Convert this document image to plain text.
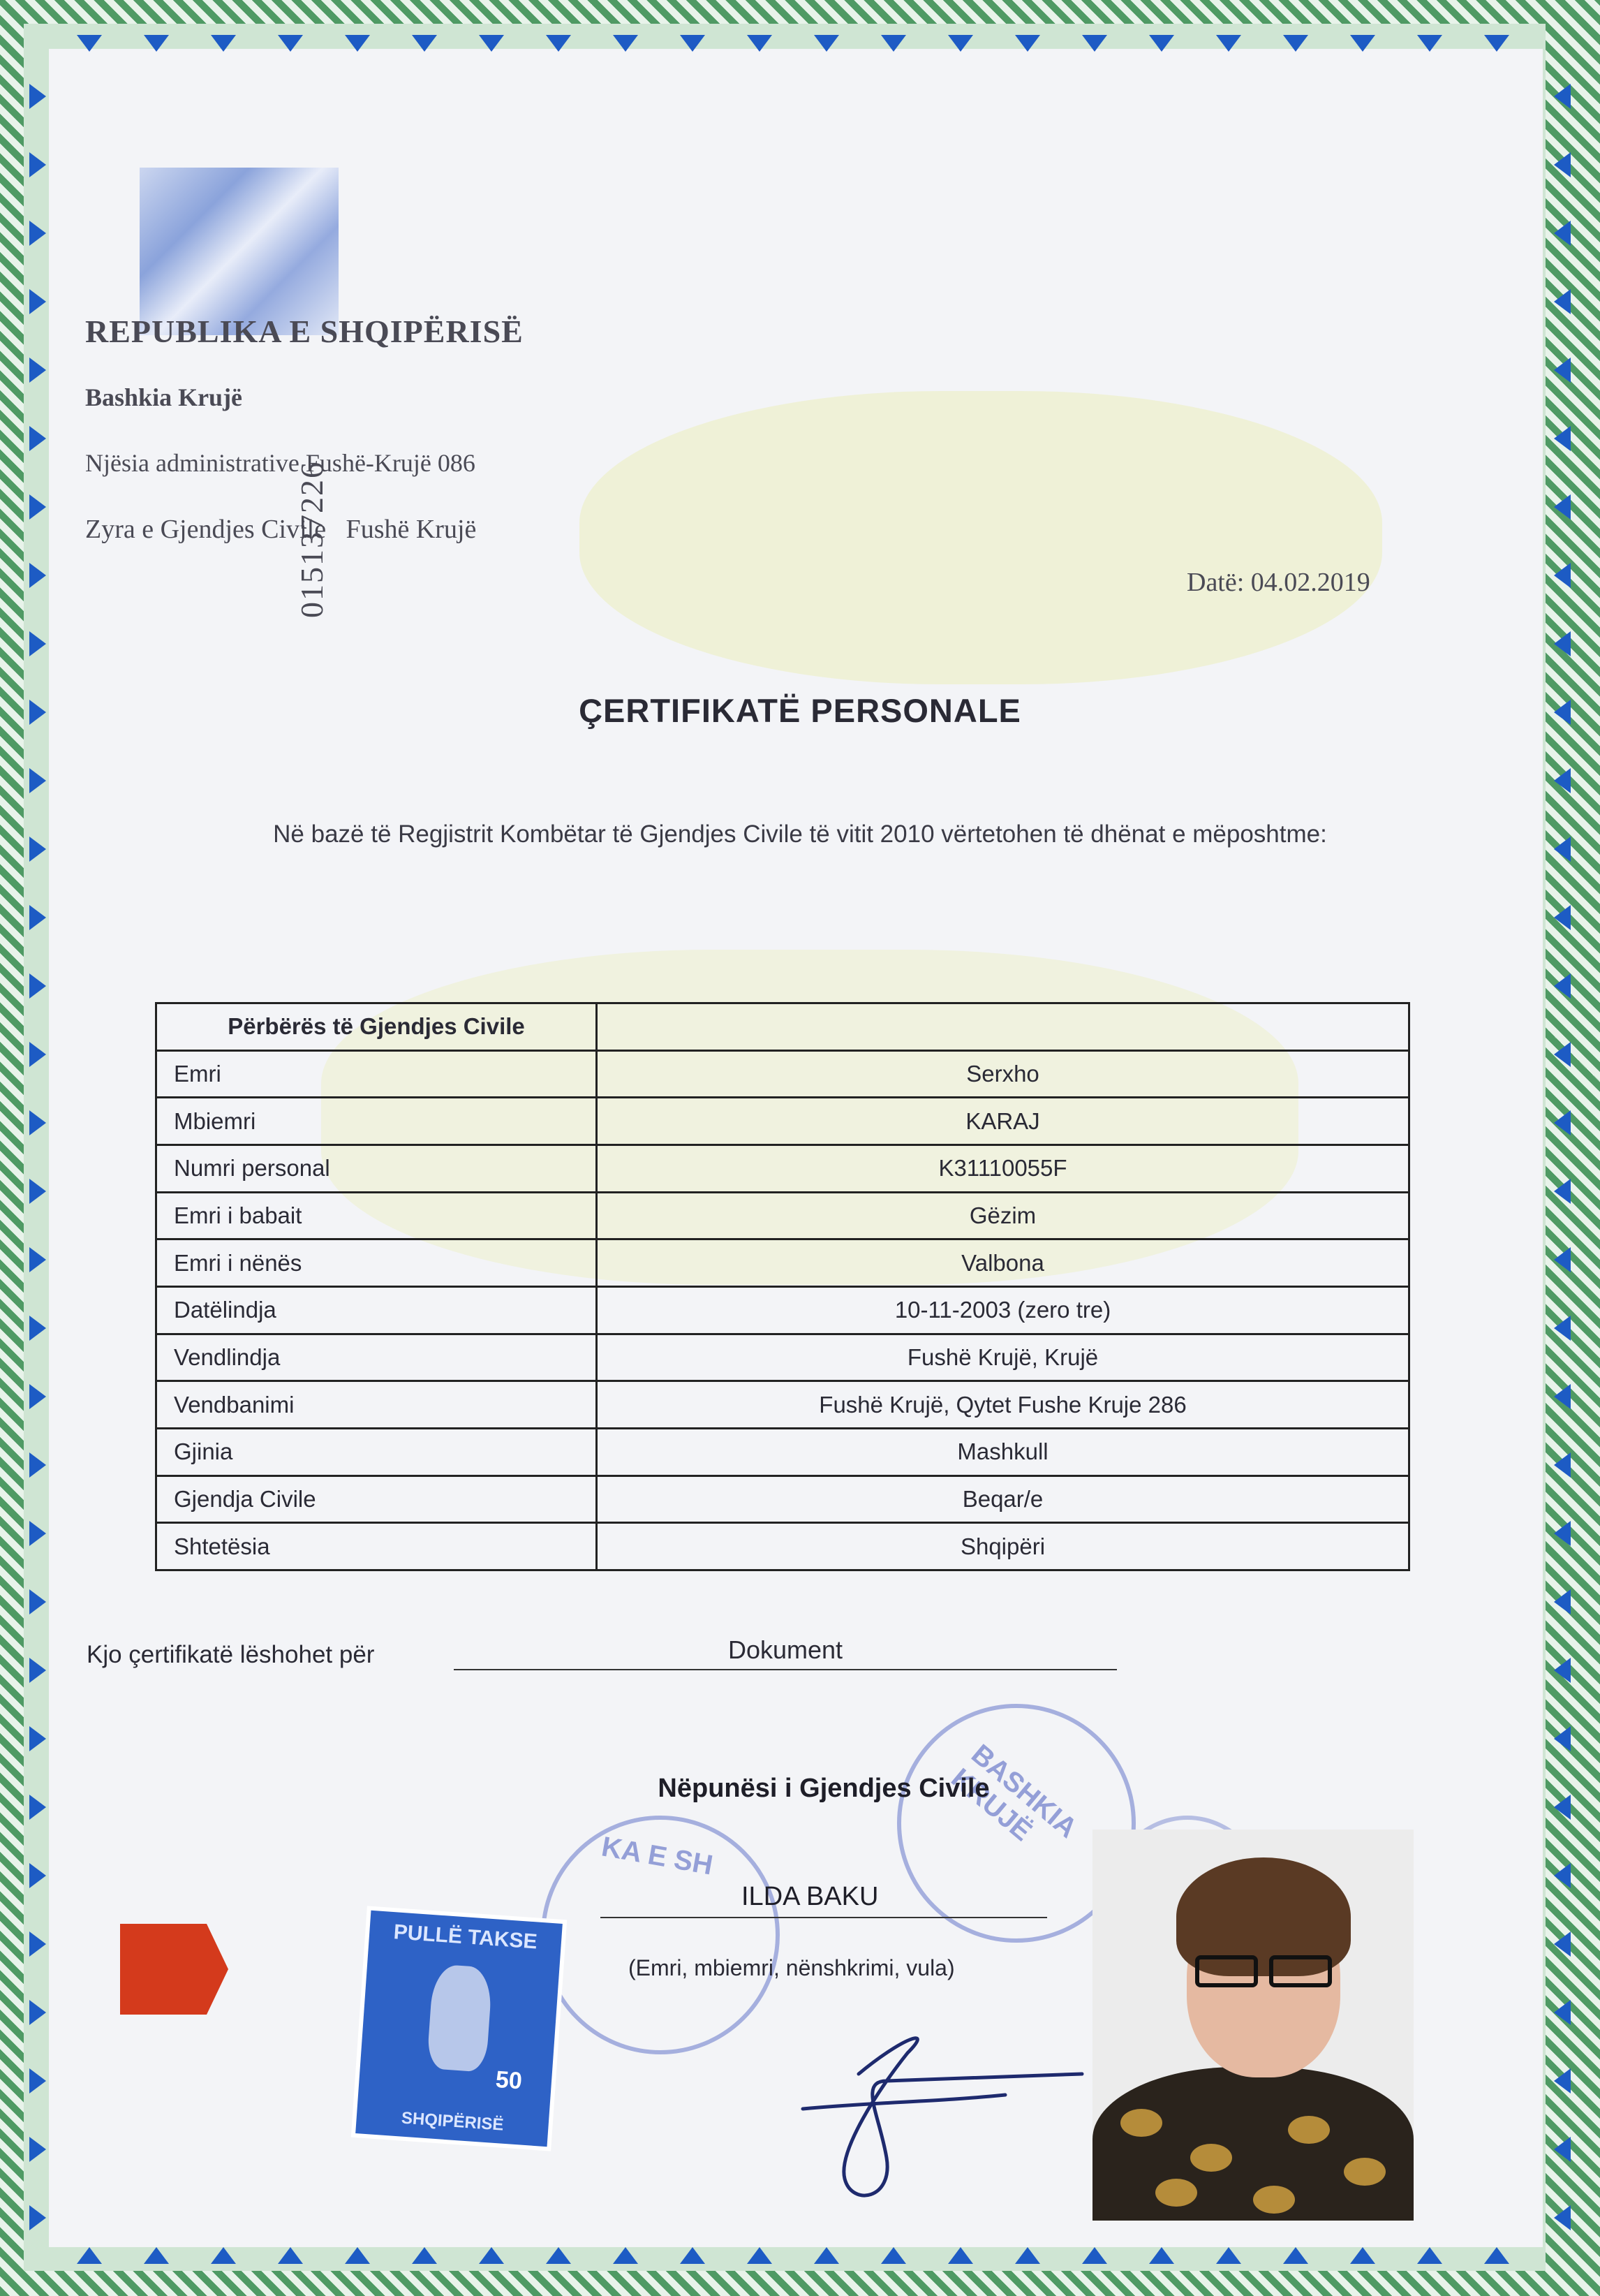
REPUBLIKA E SHQIPËRISË
Bashkia Krujë
Njësia administrative Fushë-Krujë 086
Zyra e Gjendjes Civile   Fushë Krujë
015137226	Datë: 04.02.2019
ÇERTIFIKATË PERSONALE
Në bazë të Regjistrit Kombëtar të Gjendjes Civile të vitit 2010 vërtetohen të dhënat e mëposhtme:
Përbërës të Gjendjes Civile	
Emri	Serxho
Mbiemri	KARAJ
Numri personal	K31110055F
Emri i babait	Gëzim
Emri i nënës	Valbona
Datëlindja	10-11-2003 (zero tre)
Vendlindja	Fushë Krujë, Krujë
Vendbanimi	Fushë Krujë, Qytet Fushe Kruje 286
Gjinia	Mashkull
Gjendja Civile	Beqar/e
Shtetësia	Shqipëri
Kjo çertifikatë lëshohet për	Dokument
BASHKIA KRUJË
KA E SH
Nëpunësi i Gjendjes Civile
ILDA BAKU
(Emri, mbiemri, nënshkrimi, vula)
PULLË TAKSE
50
SHQIPËRISË
